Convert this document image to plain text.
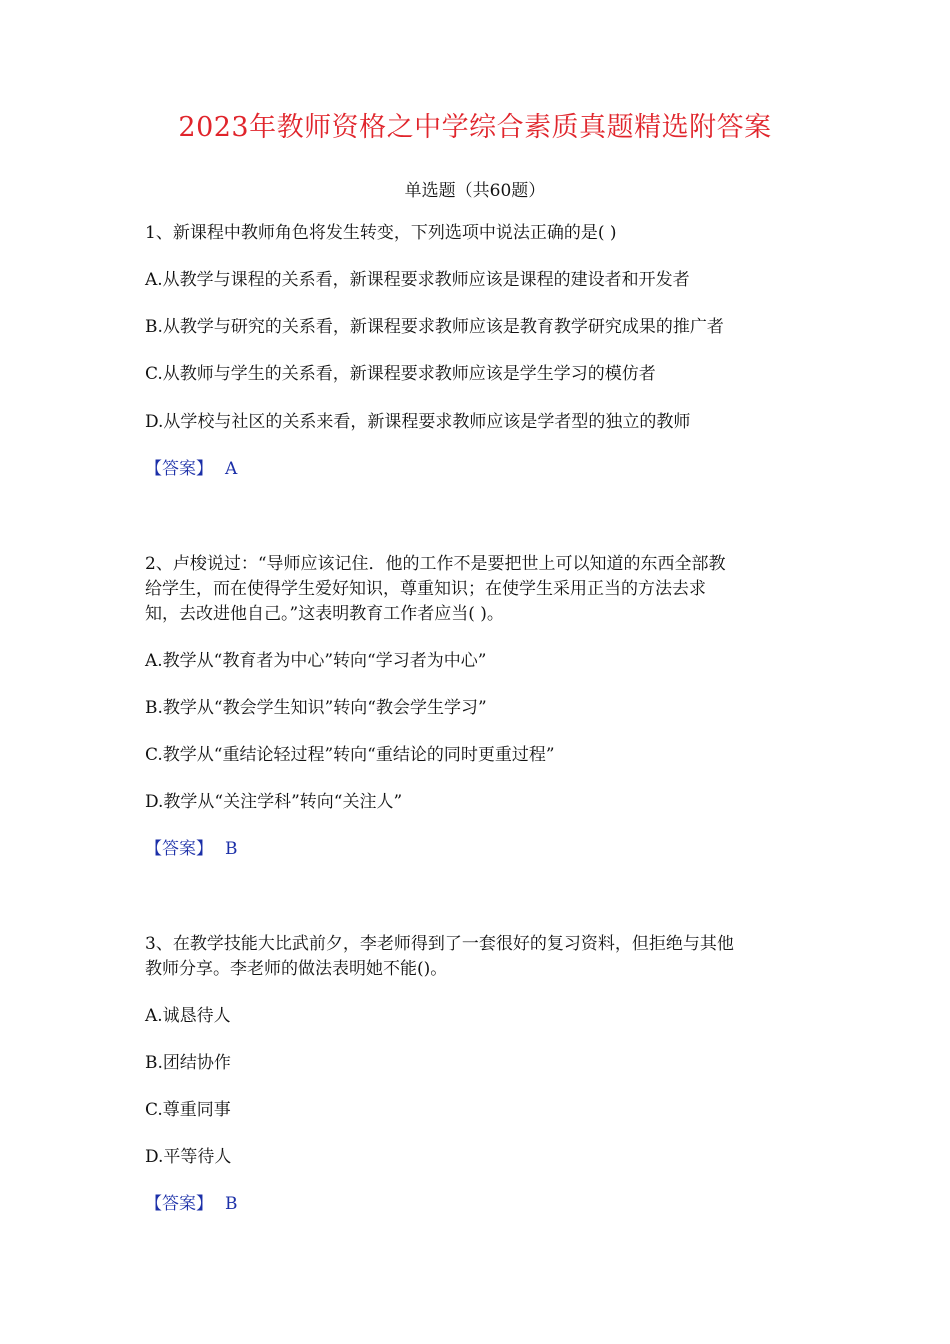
2023年教师资格之中学综合素质真题精选附答案
单选题（共60题）
1、新课程中教师角色将发生转变，下列选项中说法正确的是( )
A.从教学与课程的关系看，新课程要求教师应该是课程的建设者和开发者
B.从教学与研究的关系看，新课程要求教师应该是教育教学研究成果的推广者
C.从教师与学生的关系看，新课程要求教师应该是学生学习的模仿者
D.从学校与社区的关系来看，新课程要求教师应该是学者型的独立的教师
【答案】 A
2、卢梭说过：“导师应该记住．他的工作不是要把世上可以知道的东西全部教
给学生，而在使得学生爱好知识，尊重知识；在使学生采用正当的方法去求
知，去改进他自己。”这表明教育工作者应当( )。
A.教学从“教育者为中心”转向“学习者为中心”
B.教学从“教会学生知识”转向“教会学生学习”
C.教学从“重结论轻过程”转向“重结论的同时更重过程”
D.教学从“关注学科”转向“关注人”
【答案】 B
3、在教学技能大比武前夕，李老师得到了一套很好的复习资料，但拒绝与其他
教师分享。李老师的做法表明她不能()。
A.诚恳待人
B.团结协作
C.尊重同事
D.平等待人
【答案】 B
